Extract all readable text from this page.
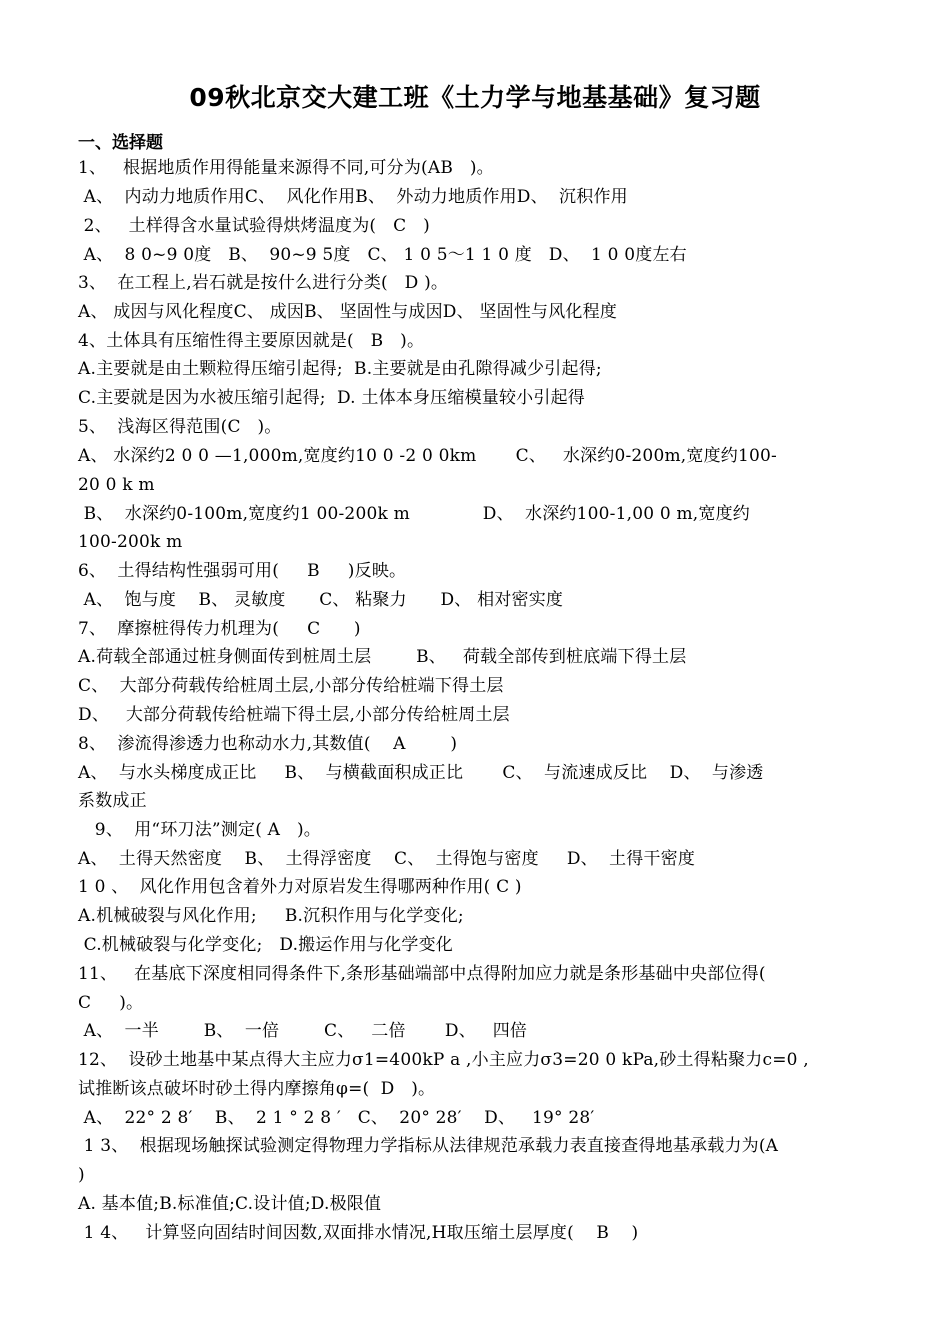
09秋北京交大建工班《土力学与地基基础》复习题
一、选择题
1、   根据地质作用得能量来源得不同,可分为(AB   )。
A、  内动力地质作用C、  风化作用B、  外动力地质作用D、  沉积作用
2、   土样得含水量试验得烘烤温度为(   C   )
A、  8 0~9 0度   B、  90~9 5度   C、 1 0 5～1 1 0 度   D、  1 0 0度左右
3、  在工程上,岩石就是按什么进行分类(   D )。
A、 成因与风化程度C、 成因B、 坚固性与成因D、 坚固性与风化程度
4、土体具有压缩性得主要原因就是(   B   )。
A.主要就是由土颗粒得压缩引起得;  B.主要就是由孔隙得减少引起得;
C.主要就是因为水被压缩引起得;  D. 土体本身压缩模量较小引起得
5、  浅海区得范围(C   )。
A、 水深约2 0 0 —1,000m,宽度约10 0 -2 0 0km       C、   水深约0-200m,宽度约100-
20 0 k m
B、  水深约0-100m,宽度约1 00-200k m             D、  水深约100-1,00 0 m,宽度约
100-200k m
6、  土得结构性强弱可用(     B     )反映。
A、  饱与度    B、 灵敏度      C、 粘聚力      D、 相对密实度
7、  摩擦桩得传力机理为(     C      )
A.荷载全部通过桩身侧面传到桩周土层        B、   荷载全部传到桩底端下得土层
C、  大部分荷载传给桩周土层,小部分传给桩端下得土层
D、   大部分荷载传给桩端下得土层,小部分传给桩周土层
8、  渗流得渗透力也称动水力,其数值(    A        )
A、  与水头梯度成正比     B、  与横截面积成正比       C、  与流速成反比    D、  与渗透
系数成正
9、  用“环刀法”测定( A   )。
A、  土得天然密度    B、  土得浮密度    C、  土得饱与密度     D、  土得干密度
1 0 、  风化作用包含着外力对原岩发生得哪两种作用( C )
A.机械破裂与风化作用;     B.沉积作用与化学变化;
C.机械破裂与化学变化;   D.搬运作用与化学变化
11、   在基底下深度相同得条件下,条形基础端部中点得附加应力就是条形基础中央部位得(
C     )。
A、  一半        B、  一倍        C、   二倍       D、   四倍
12、  设砂土地基中某点得大主应力σ1=400kP a ,小主应力σ3=20 0 kPa,砂土得粘聚力c=0 ,
试推断该点破坏时砂土得内摩擦角φ=(  D   )。
A、  22° 2 8′    B、  2 1 ° 2 8 ′   C、  20° 28′    D、   19° 28′
1 3、  根据现场触探试验测定得物理力学指标从法律规范承载力表直接查得地基承载力为(A
)
A. 基本值;B.标准值;C.设计值;D.极限值
1 4、   计算竖向固结时间因数,双面排水情况,H取压缩土层厚度(    B    )
